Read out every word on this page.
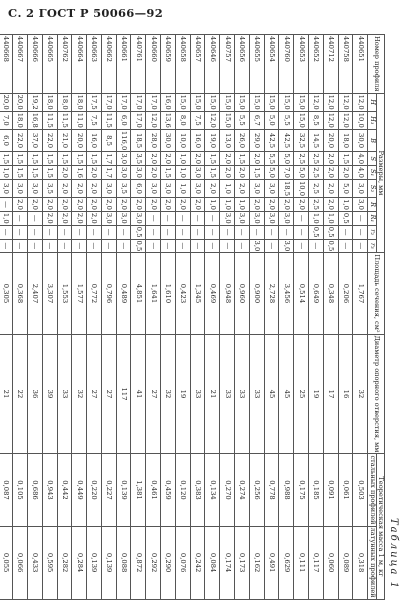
С. 2 ГОСТ Р 50066—92
Таблица 1
Номер профиля	Размеры, мм										Площадь сечения, см²	Диаметр опорного отверстия, мм	Теоретическая масса 1 м, кг	
	H	H₁	B	S	S₁	S₂	R	R₁	r₂	r₃			стальных профилей	латунных профилей
440651	12,0	10,0	30,0	4,0	4,0	3,0	3,0	—	—	—	1,767	32	0,503	0,318
440758	12,0	12,0	18,0	1,5	2,0	5,0	1,0	0,5	—	—	0,206	16	0,061	0,089
440712	12,0	12,0	20,0	2,0	2,0	2,0	2,0	1,0	0,5	0,5	0,348	17	0,091	0,060
440652	12,0	8,5	14,5	2,5	2,5	2,5	2,5	1,0	0,5	—	0,649	19	0,185	0,117
440653	15,0	15,0	32,5	2,5	5,0	10,0	2,0	—	—	—	0,514	25	0,175	0,111
440760	15,0	5,5	42,5	5,0	7,0	18,5	2,0	3,0	—	3,0	3,456	45	0,988	0,629
440654	15,0	5,0	42,5	5,5	5,0	3,0	2,0	3,0	—	—	2,728	45	0,778	0,491
440655	15,0	6,7	29,0	2,0	1,5	3,0	2,0	3,0	—	3,0	0,900	33	0,256	0,162
440656	15,0	5,5	26,0	1,5	2,0	2,0	1,0	3,0	—	—	0,960	33	0,274	0,173
440757	15,0	15,0	13,0	2,0	2,0	1,0	1,0	3,0	—	—	0,948	33	0,270	0,174
440646	15,0	12,0	19,0	1,5	1,5	2,0	1,0	—	—	—	0,469	21	0,134	0,084
440657	15,0	7,5	16,0	2,0	3,0	3,0	2,0	—	—	—	1,345	33	0,383	0,242
440658	15,0	8,0	10,0	1,0	1,0	1,0	2,0	—	—	—	0,423	19	0,120	0,076
440659	16,0	13,6	30,0	2,0	1,5	3,0	2,0	—	—	—	1,610	32	0,459	0,290
440660	17,0	12,0	28,0	2,0	2,0	3,0	2,0	—	—	—	1,641	27	0,461	0,292
440761	17,0	17,0	18,5	3,5	3,0	6,0	2,0	3,0	0,5	0,5	4,851	41	1,381	0,872
440661	17,0	6,0	116,0	3,0	3,0	3,5	2,0	3,0	—	—	0,489	117	0,139	0,088
440662	17,0	11,5	8,5	1,7	1,7	3,0	2,0	3,0	—	—	0,796	27	0,227	0,139
440663	17,5	7,5	16,0	1,5	2,0	2,0	2,0	2,0	—	—	0,772	27	0,220	0,139
440664	18,0	11,0	20,0	1,5	1,6	2,0	2,0	2,0	—	—	1,577	32	0,449	0,284
440762	18,0	11,5	21,0	1,5	2,0	2,0	2,0	2,0	—	—	1,553	33	0,442	0,282
440665	18,0	11,5	22,0	1,5	1,5	3,5	2,0	2,0	—	—	3,307	39	0,943	0,595
440666	19,2	16,8	37,0	1,5	1,5	3,0	2,0	—	—	—	2,407	36	0,686	0,433
440667	20,0	18,0	22,0	1,5	1,5	3,0	2,0	—	—	—	0,368	22	0,105	0,066
440668	20,0	7,0	6,0	1,5	1,0	3,0	—	1,0	—	—	0,305	21	0,087	0,055
